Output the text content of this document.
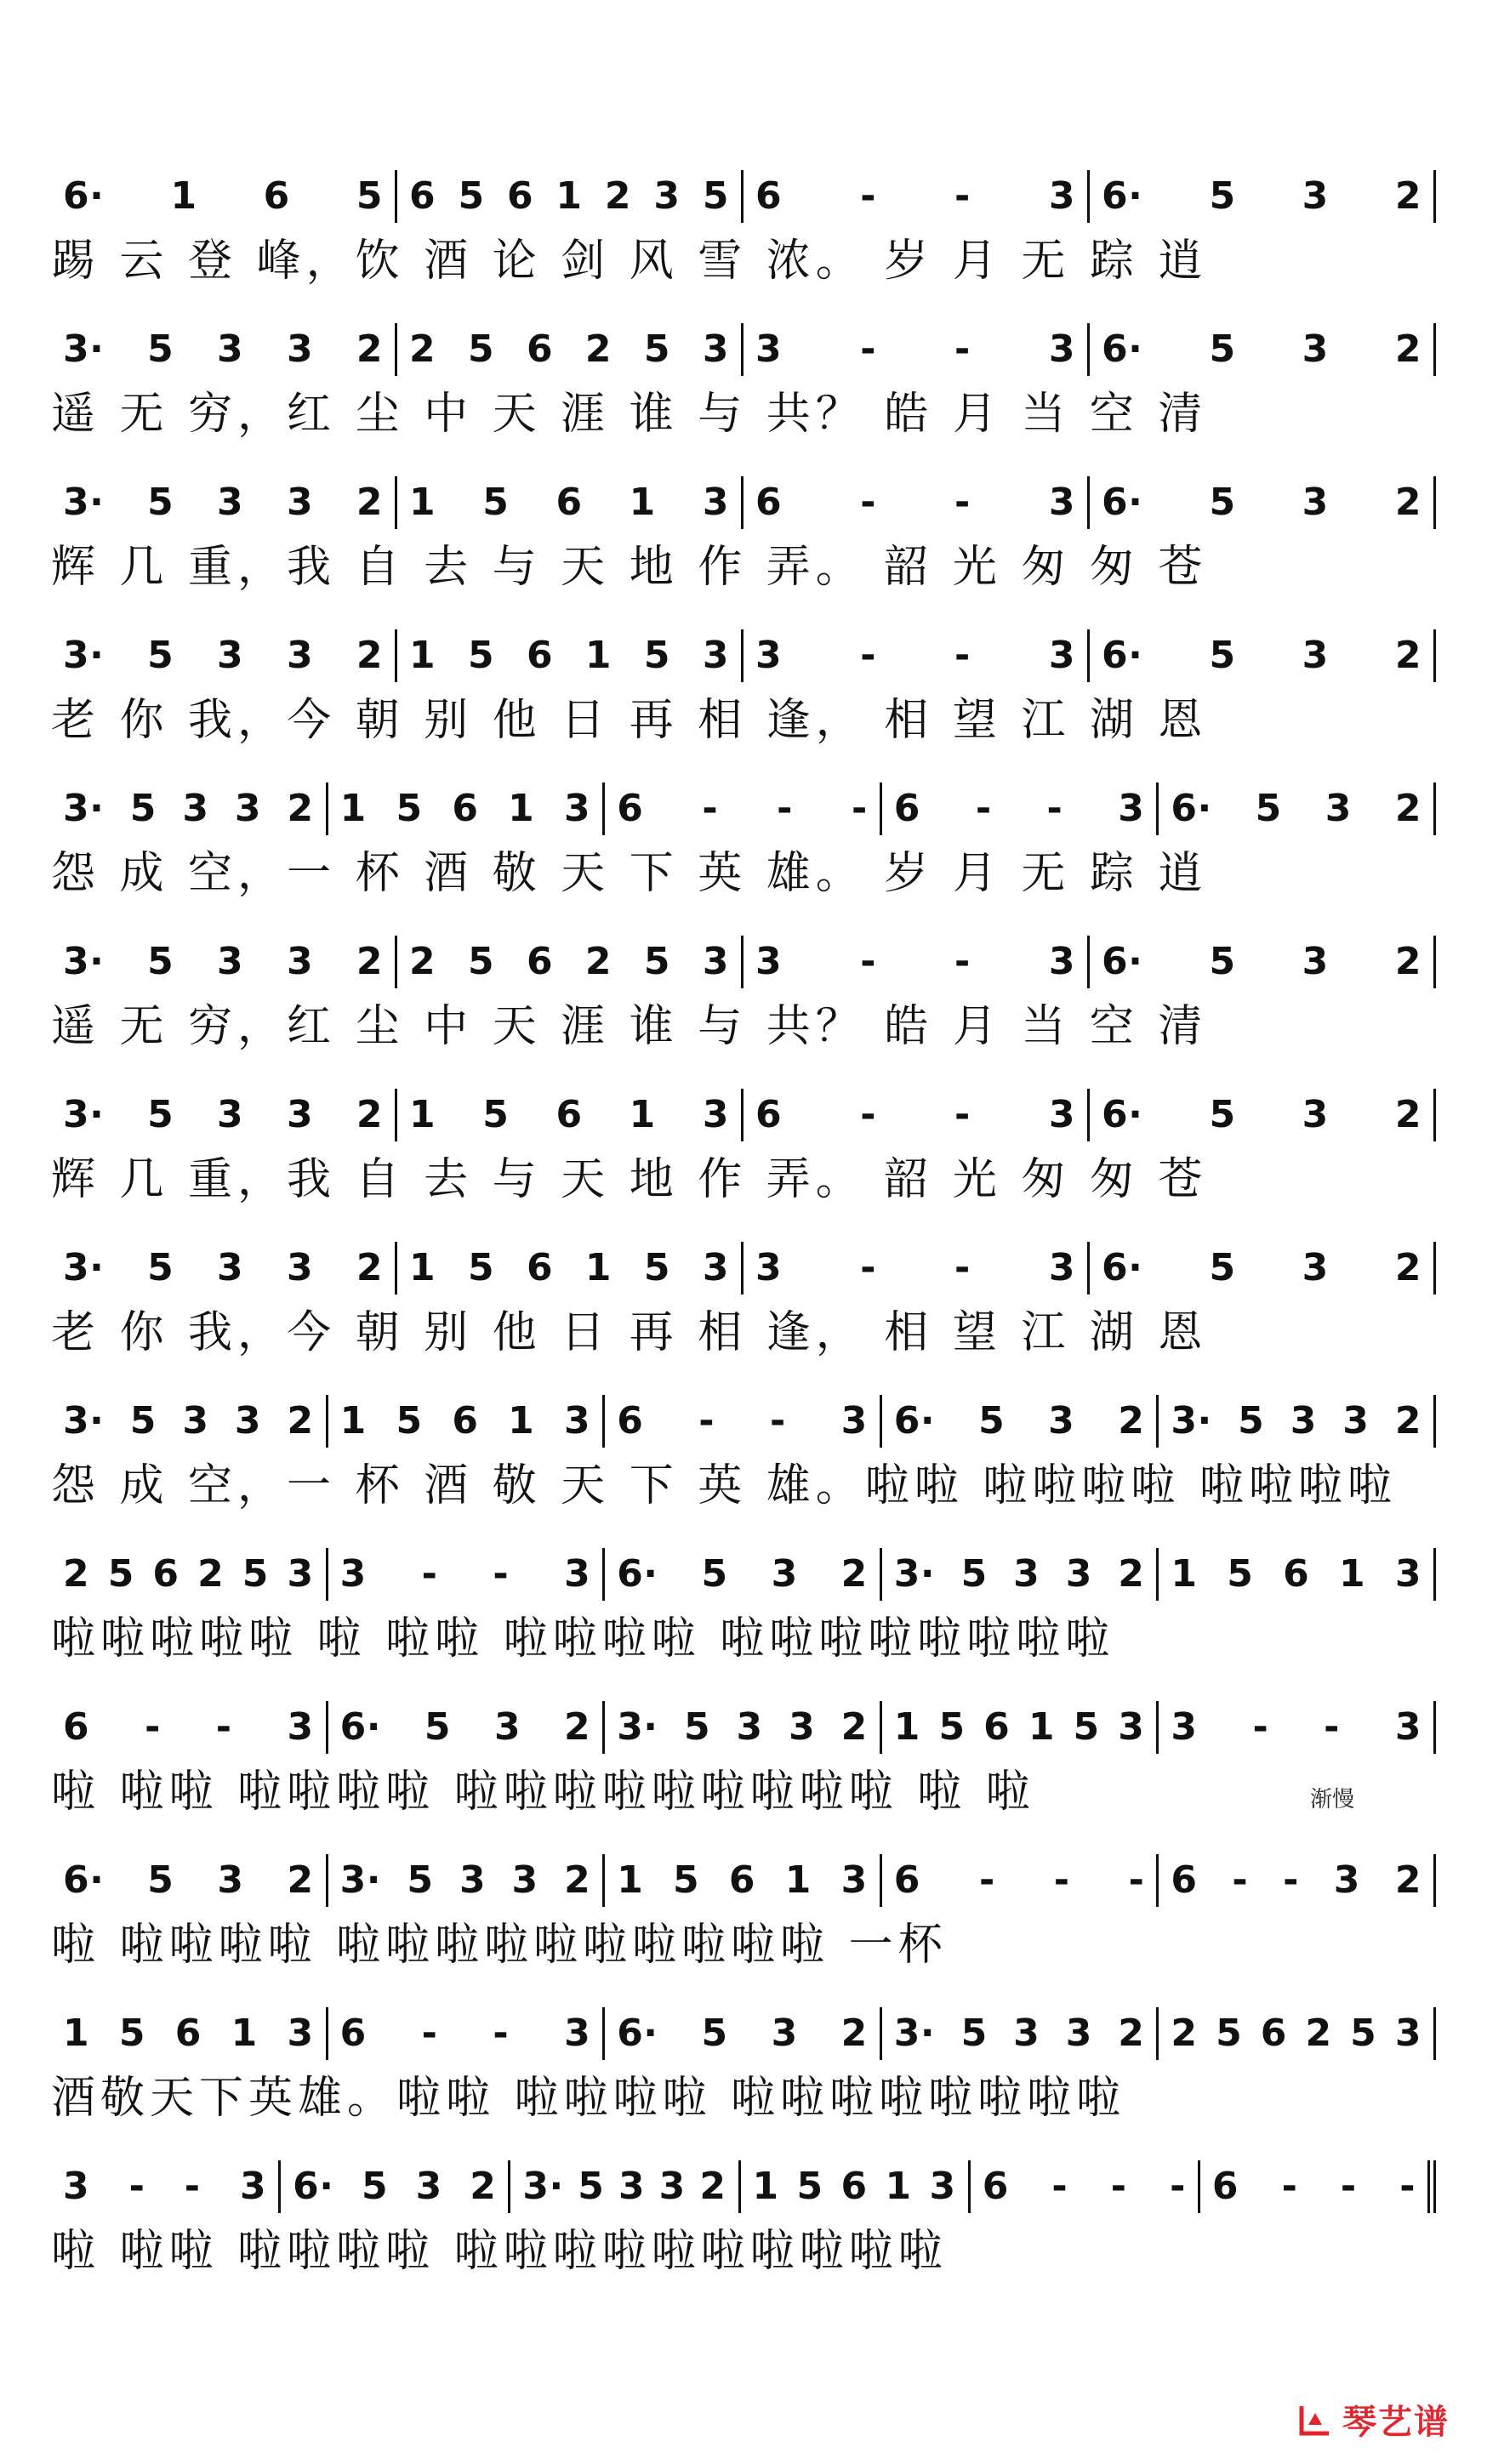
6· 1 6 5 6 5 6 1 2 3 5 6 - - 3 6· 5 3 2
踢 云 登 峰，饮 酒 论 剑 风 雪 浓。 岁 月 无 踪 逍
3· 5 3 3 2 2 5 6 2 5 3 3 - - 3 6· 5 3 2
遥 无 穷，红 尘 中 天 涯 谁 与 共？ 皓 月 当 空 清
3· 5 3 3 2 1 5 6 1 3 6 - - 3 6· 5 3 2
辉 几 重，我 自 去 与 天 地 作 弄。 韶 光 匆 匆 苍
3· 5 3 3 2 1 5 6 1 5 3 3 - - 3 6· 5 3 2
老 你 我，今 朝 别 他 日 再 相 逢， 相 望 江 湖 恩
3· 5 3 3 2 1 5 6 1 3 6 - - - 6 - - 3 6· 5 3 2
怨 成 空，一 杯 酒 敬 天 下 英 雄。 岁 月 无 踪 逍
3· 5 3 3 2 2 5 6 2 5 3 3 - - 3 6· 5 3 2
遥 无 穷，红 尘 中 天 涯 谁 与 共？ 皓 月 当 空 清
3· 5 3 3 2 1 5 6 1 3 6 - - 3 6· 5 3 2
辉 几 重，我 自 去 与 天 地 作 弄。 韶 光 匆 匆 苍
3· 5 3 3 2 1 5 6 1 5 3 3 - - 3 6· 5 3 2
老 你 我，今 朝 别 他 日 再 相 逢， 相 望 江 湖 恩
3· 5 3 3 2 1 5 6 1 3 6 - - 3 6· 5 3 2 3· 5 3 3 2
怨 成 空，一 杯 酒 敬 天 下 英 雄。啦啦 啦啦啦啦 啦啦啦啦
2 5 6 2 5 3 3 - - 3 6· 5 3 2 3· 5 3 3 2 1 5 6 1 3
啦啦啦啦啦 啦 啦啦 啦啦啦啦 啦啦啦啦啦啦啦啦
6 - - 3 6· 5 3 2 3· 5 3 3 2 1 5 6 1 5 3 3 - - 3
啦 啦啦 啦啦啦啦 啦啦啦啦啦啦啦啦啦 啦 啦
6· 5 3 2 3· 5 3 3 2 1 5 6 1 3 6 - - - 6 - - 3 2
啦 啦啦啦啦 啦啦啦啦啦啦啦啦啦啦 一杯
1 5 6 1 3 6 - - 3 6· 5 3 2 3· 5 3 3 2 2 5 6 2 5 3
酒敬天下英雄。啦啦 啦啦啦啦 啦啦啦啦啦啦啦啦
3 - - 3 6· 5 3 2 3· 5 3 3 2 1 5 6 1 3 6 - - - 6 - - -
啦 啦啦 啦啦啦啦 啦啦啦啦啦啦啦啦啦啦
渐慢
琴艺谱
